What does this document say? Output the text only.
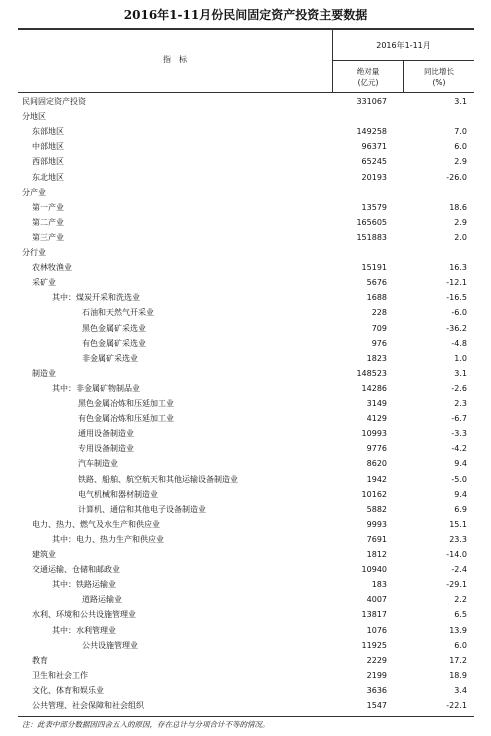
2016年1-11月份民间固定资产投资主要数据
指　标
2016年1-11月
绝对量
(亿元)
同比增长
(%)
民间固定资产投资	331067	3.1
分地区
东部地区	149258	7.0
中部地区	96371	6.0
西部地区	65245	2.9
东北地区	20193	-26.0
分产业
第一产业	13579	18.6
第二产业	165605	2.9
第三产业	151883	2.0
分行业
农林牧渔业	15191	16.3
采矿业	5676	-12.1
其中：煤炭开采和洗选业	1688	-16.5
石油和天然气开采业	228	-6.0
黑色金属矿采选业	709	-36.2
有色金属矿采选业	976	-4.8
非金属矿采选业	1823	1.0
制造业	148523	3.1
其中：非金属矿物制品业	14286	-2.6
黑色金属冶炼和压延加工业	3149	2.3
有色金属冶炼和压延加工业	4129	-6.7
通用设备制造业	10993	-3.3
专用设备制造业	9776	-4.2
汽车制造业	8620	9.4
铁路、船舶、航空航天和其他运输设备制造业	1942	-5.0
电气机械和器材制造业	10162	9.4
计算机、通信和其他电子设备制造业	5882	6.9
电力、热力、燃气及水生产和供应业	9993	15.1
其中：电力、热力生产和供应业	7691	23.3
建筑业	1812	-14.0
交通运输、仓储和邮政业	10940	-2.4
其中：铁路运输业	183	-29.1
道路运输业	4007	2.2
水利、环境和公共设施管理业	13817	6.5
其中：水利管理业	1076	13.9
公共设施管理业	11925	6.0
教育	2229	17.2
卫生和社会工作	2199	18.9
文化、体育和娱乐业	3636	3.4
公共管理、社会保障和社会组织	1547	-22.1
注：此表中部分数据因四舍五入的原因，存在总计与分项合计不等的情况。
